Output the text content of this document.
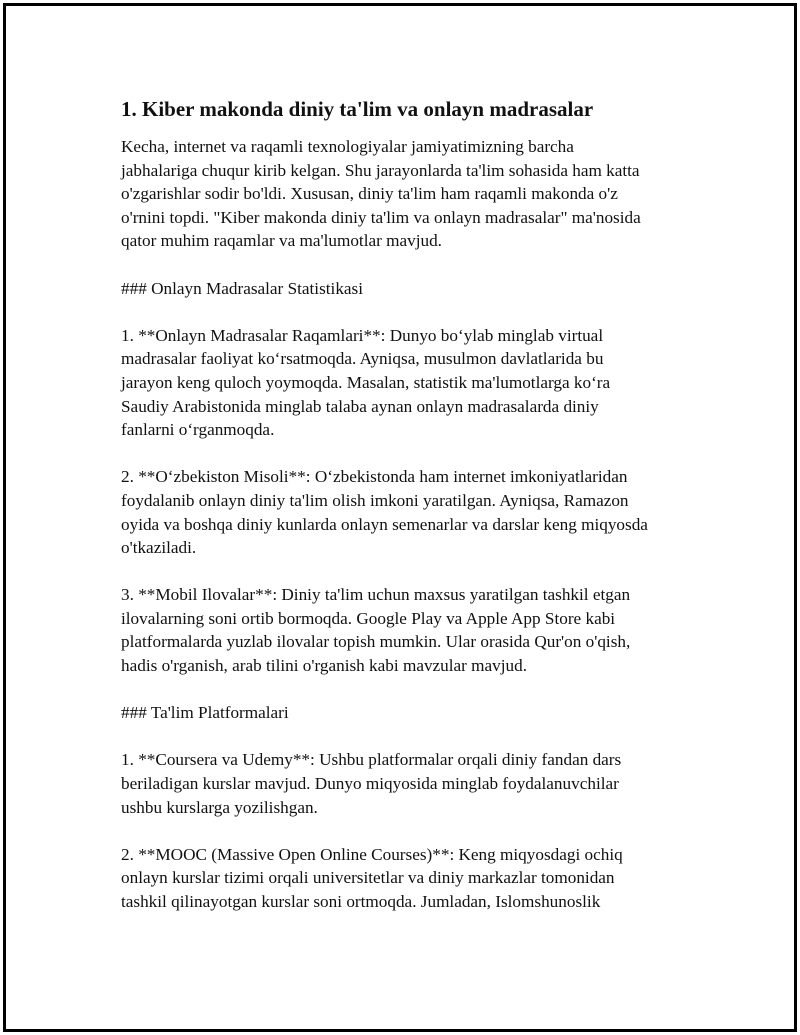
1. Kiber makonda diniy ta'lim va onlayn madrasalar

Kecha, internet va raqamli texnologiyalar jamiyatimizning barcha
jabhalariga chuqur kirib kelgan. Shu jarayonlarda ta'lim sohasida ham katta
o'zgarishlar sodir bo'ldi. Xususan, diniy ta'lim ham raqamli makonda o'z
o'rnini topdi. "Kiber makonda diniy ta'lim va onlayn madrasalar" ma'nosida
qator muhim raqamlar va ma'lumotlar mavjud.

### Onlayn Madrasalar Statistikasi

1. **Onlayn Madrasalar Raqamlari**: Dunyo bo‘ylab minglab virtual
madrasalar faoliyat ko‘rsatmoqda. Ayniqsa, musulmon davlatlarida bu
jarayon keng quloch yoymoqda. Masalan, statistik ma'lumotlarga ko‘ra
Saudiy Arabistonida minglab talaba aynan onlayn madrasalarda diniy
fanlarni o‘rganmoqda.

2. **O‘zbekiston Misoli**: O‘zbekistonda ham internet imkoniyatlaridan
foydalanib onlayn diniy ta'lim olish imkoni yaratilgan. Ayniqsa, Ramazon
oyida va boshqa diniy kunlarda onlayn semenarlar va darslar keng miqyosda
o'tkaziladi.

3. **Mobil Ilovalar**: Diniy ta'lim uchun maxsus yaratilgan tashkil etgan
ilovalarning soni ortib bormoqda. Google Play va Apple App Store kabi
platformalarda yuzlab ilovalar topish mumkin. Ular orasida Qur'on o'qish,
hadis o'rganish, arab tilini o'rganish kabi mavzular mavjud.

### Ta'lim Platformalari

1. **Coursera va Udemy**: Ushbu platformalar orqali diniy fandan dars
beriladigan kurslar mavjud. Dunyo miqyosida minglab foydalanuvchilar
ushbu kurslarga yozilishgan.

2. **MOOC (Massive Open Online Courses)**: Keng miqyosdagi ochiq
onlayn kurslar tizimi orqali universitetlar va diniy markazlar tomonidan
tashkil qilinayotgan kurslar soni ortmoqda. Jumladan, Islomshunoslik
